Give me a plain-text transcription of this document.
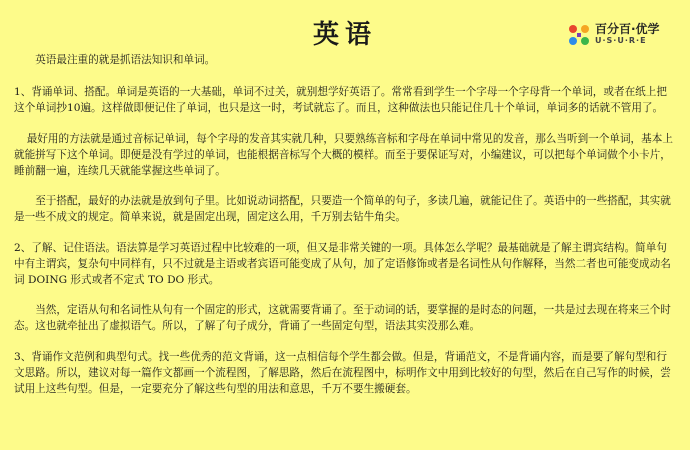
英语	百分百·优学
U·S·U·R·E

英语最注重的就是抓语法知识和单词。

1、背诵单词、搭配。单词是英语的一大基础，单词不过关，就别想学好英语了。常常看到学生一个字母一个字母背一个单词，或者在纸上把这个单词抄10遍。这样做即便记住了单词，也只是这一时，考试就忘了。而且，这种做法也只能记住几十个单词，单词多的话就不管用了。

最好用的方法就是通过音标记单词，每个字母的发音其实就几种，只要熟练音标和字母在单词中常见的发音，那么当听到一个单词，基本上就能拼写下这个单词。即便是没有学过的单词，也能根据音标写个大概的模样。而至于要保证写对，小编建议，可以把每个单词做个小卡片，睡前翻一遍，连续几天就能掌握这些单词了。

至于搭配，最好的办法就是放到句子里。比如说动词搭配，只要造一个简单的句子，多读几遍，就能记住了。英语中的一些搭配，其实就是一些不成文的规定。简单来说，就是固定出现，固定这么用，千万别去钻牛角尖。

2、了解、记住语法。语法算是学习英语过程中比较难的一项，但又是非常关键的一项。具体怎么学呢？最基础就是了解主谓宾结构。简单句中有主谓宾，复杂句中同样有，只不过就是主语或者宾语可能变成了从句，加了定语修饰或者是名词性从句作解释，当然二者也可能变成动名词 DOING 形式或者不定式 TO DO 形式。

当然，定语从句和名词性从句有一个固定的形式，这就需要背诵了。至于动词的话，要掌握的是时态的问题，一共是过去现在将来三个时态。这也就牵扯出了虚拟语气。所以，了解了句子成分，背诵了一些固定句型，语法其实没那么难。

3、背诵作文范例和典型句式。找一些优秀的范文背诵，这一点相信每个学生都会做。但是，背诵范文，不是背诵内容，而是要了解句型和行文思路。所以，建议对每一篇作文都画一个流程图，了解思路，然后在流程图中，标明作文中用到比较好的句型，然后在自己写作的时候，尝试用上这些句型。但是，一定要充分了解这些句型的用法和意思，千万不要生搬硬套。
